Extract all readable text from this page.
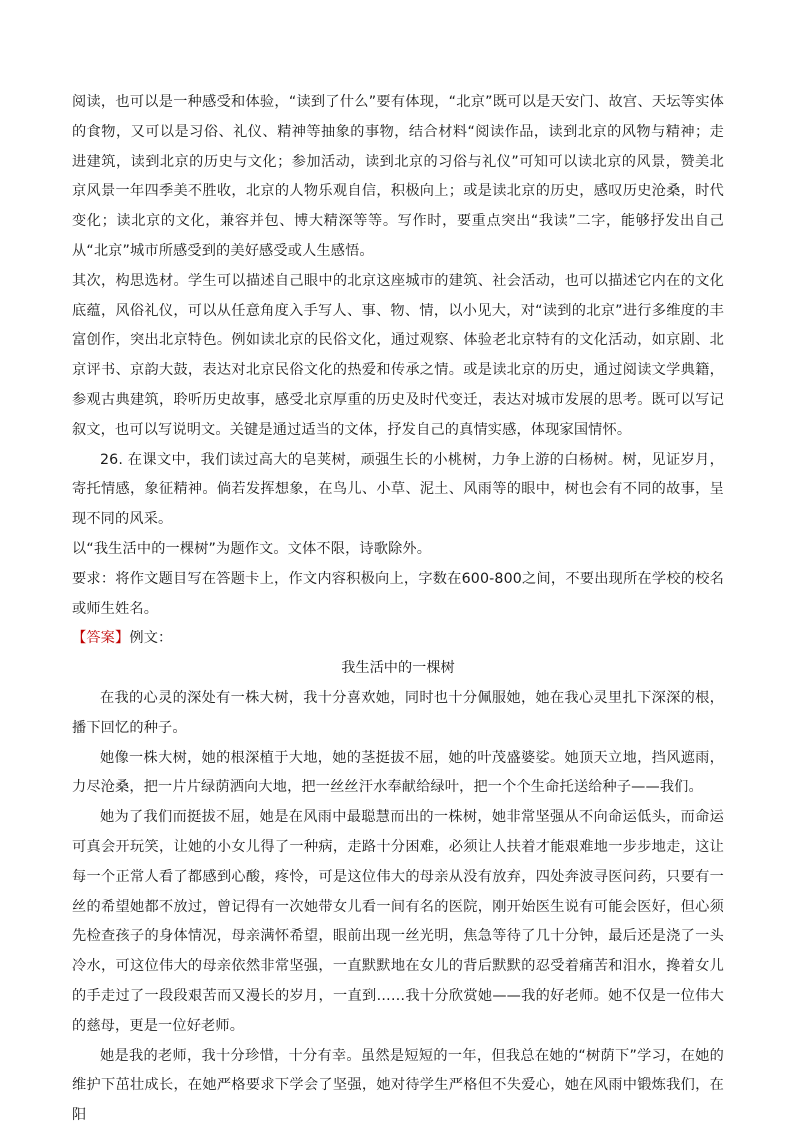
阅读，也可以是一种感受和体验，“读到了什么”要有体现，“北京”既可以是天安门、故宫、天坛等实体的食物，又可以是习俗、礼仪、精神等抽象的事物，结合材料“阅读作品，读到北京的风物与精神；走进建筑，读到北京的历史与文化；参加活动，读到北京的习俗与礼仪”可知可以读北京的风景，赞美北京风景一年四季美不胜收，北京的人物乐观自信，积极向上；或是读北京的历史，感叹历史沧桑，时代变化；读北京的文化，兼容并包、博大精深等等。写作时，要重点突出“我读”二字，能够抒发出自己从“北京”城市所感受到的美好感受或人生感悟。

其次，构思选材。学生可以描述自己眼中的北京这座城市的建筑、社会活动，也可以描述它内在的文化底蕴，风俗礼仪，可以从任意角度入手写人、事、物、情，以小见大，对“读到的北京”进行多维度的丰富创作，突出北京特色。例如读北京的民俗文化，通过观察、体验老北京特有的文化活动，如京剧、北京评书、京韵大鼓，表达对北京民俗文化的热爱和传承之情。或是读北京的历史，通过阅读文学典籍，参观古典建筑，聆听历史故事，感受北京厚重的历史及时代变迁，表达对城市发展的思考。既可以写记叙文，也可以写说明文。关键是通过适当的文体，抒发自己的真情实感，体现家国情怀。

26. 在课文中，我们读过高大的皂荚树，顽强生长的小桃树，力争上游的白杨树。树，见证岁月，寄托情感，象征精神。倘若发挥想象，在鸟儿、小草、泥土、风雨等的眼中，树也会有不同的故事，呈现不同的风采。

以“我生活中的一棵树”为题作文。文体不限，诗歌除外。

要求：将作文题目写在答题卡上，作文内容积极向上，字数在600-800之间，不要出现所在学校的校名或师生姓名。

【答案】例文：

我生活中的一棵树

在我的心灵的深处有一株大树，我十分喜欢她，同时也十分佩服她，她在我心灵里扎下深深的根，播下回忆的种子。

她像一株大树，她的根深植于大地，她的茎挺拔不屈，她的叶茂盛婆娑。她顶天立地，挡风遮雨，力尽沧桑，把一片片绿荫洒向大地，把一丝丝汗水奉献给绿叶，把一个个生命托送给种子——我们。

她为了我们而挺拔不屈，她是在风雨中最聪慧而出的一株树，她非常坚强从不向命运低头，而命运可真会开玩笑，让她的小女儿得了一种病，走路十分困难，必须让人扶着才能艰难地一步步地走，这让每一个正常人看了都感到心酸，疼怜，可是这位伟大的母亲从没有放弃，四处奔波寻医问药，只要有一丝的希望她都不放过，曾记得有一次她带女儿看一间有名的医院，刚开始医生说有可能会医好，但心须先检查孩子的身体情况，母亲满怀希望，眼前出现一丝光明，焦急等待了几十分钟，最后还是浇了一头冷水，可这位伟大的母亲依然非常坚强，一直默默地在女儿的背后默默的忍受着痛苦和泪水，搀着女儿的手走过了一段段艰苦而又漫长的岁月，一直到……我十分欣赏她——我的好老师。她不仅是一位伟大的慈母，更是一位好老师。

她是我的老师，我十分珍惜，十分有幸。虽然是短短的一年，但我总在她的“树荫下”学习，在她的维护下茁壮成长，在她严格要求下学会了坚强，她对待学生严格但不失爱心，她在风雨中锻炼我们，在阳
